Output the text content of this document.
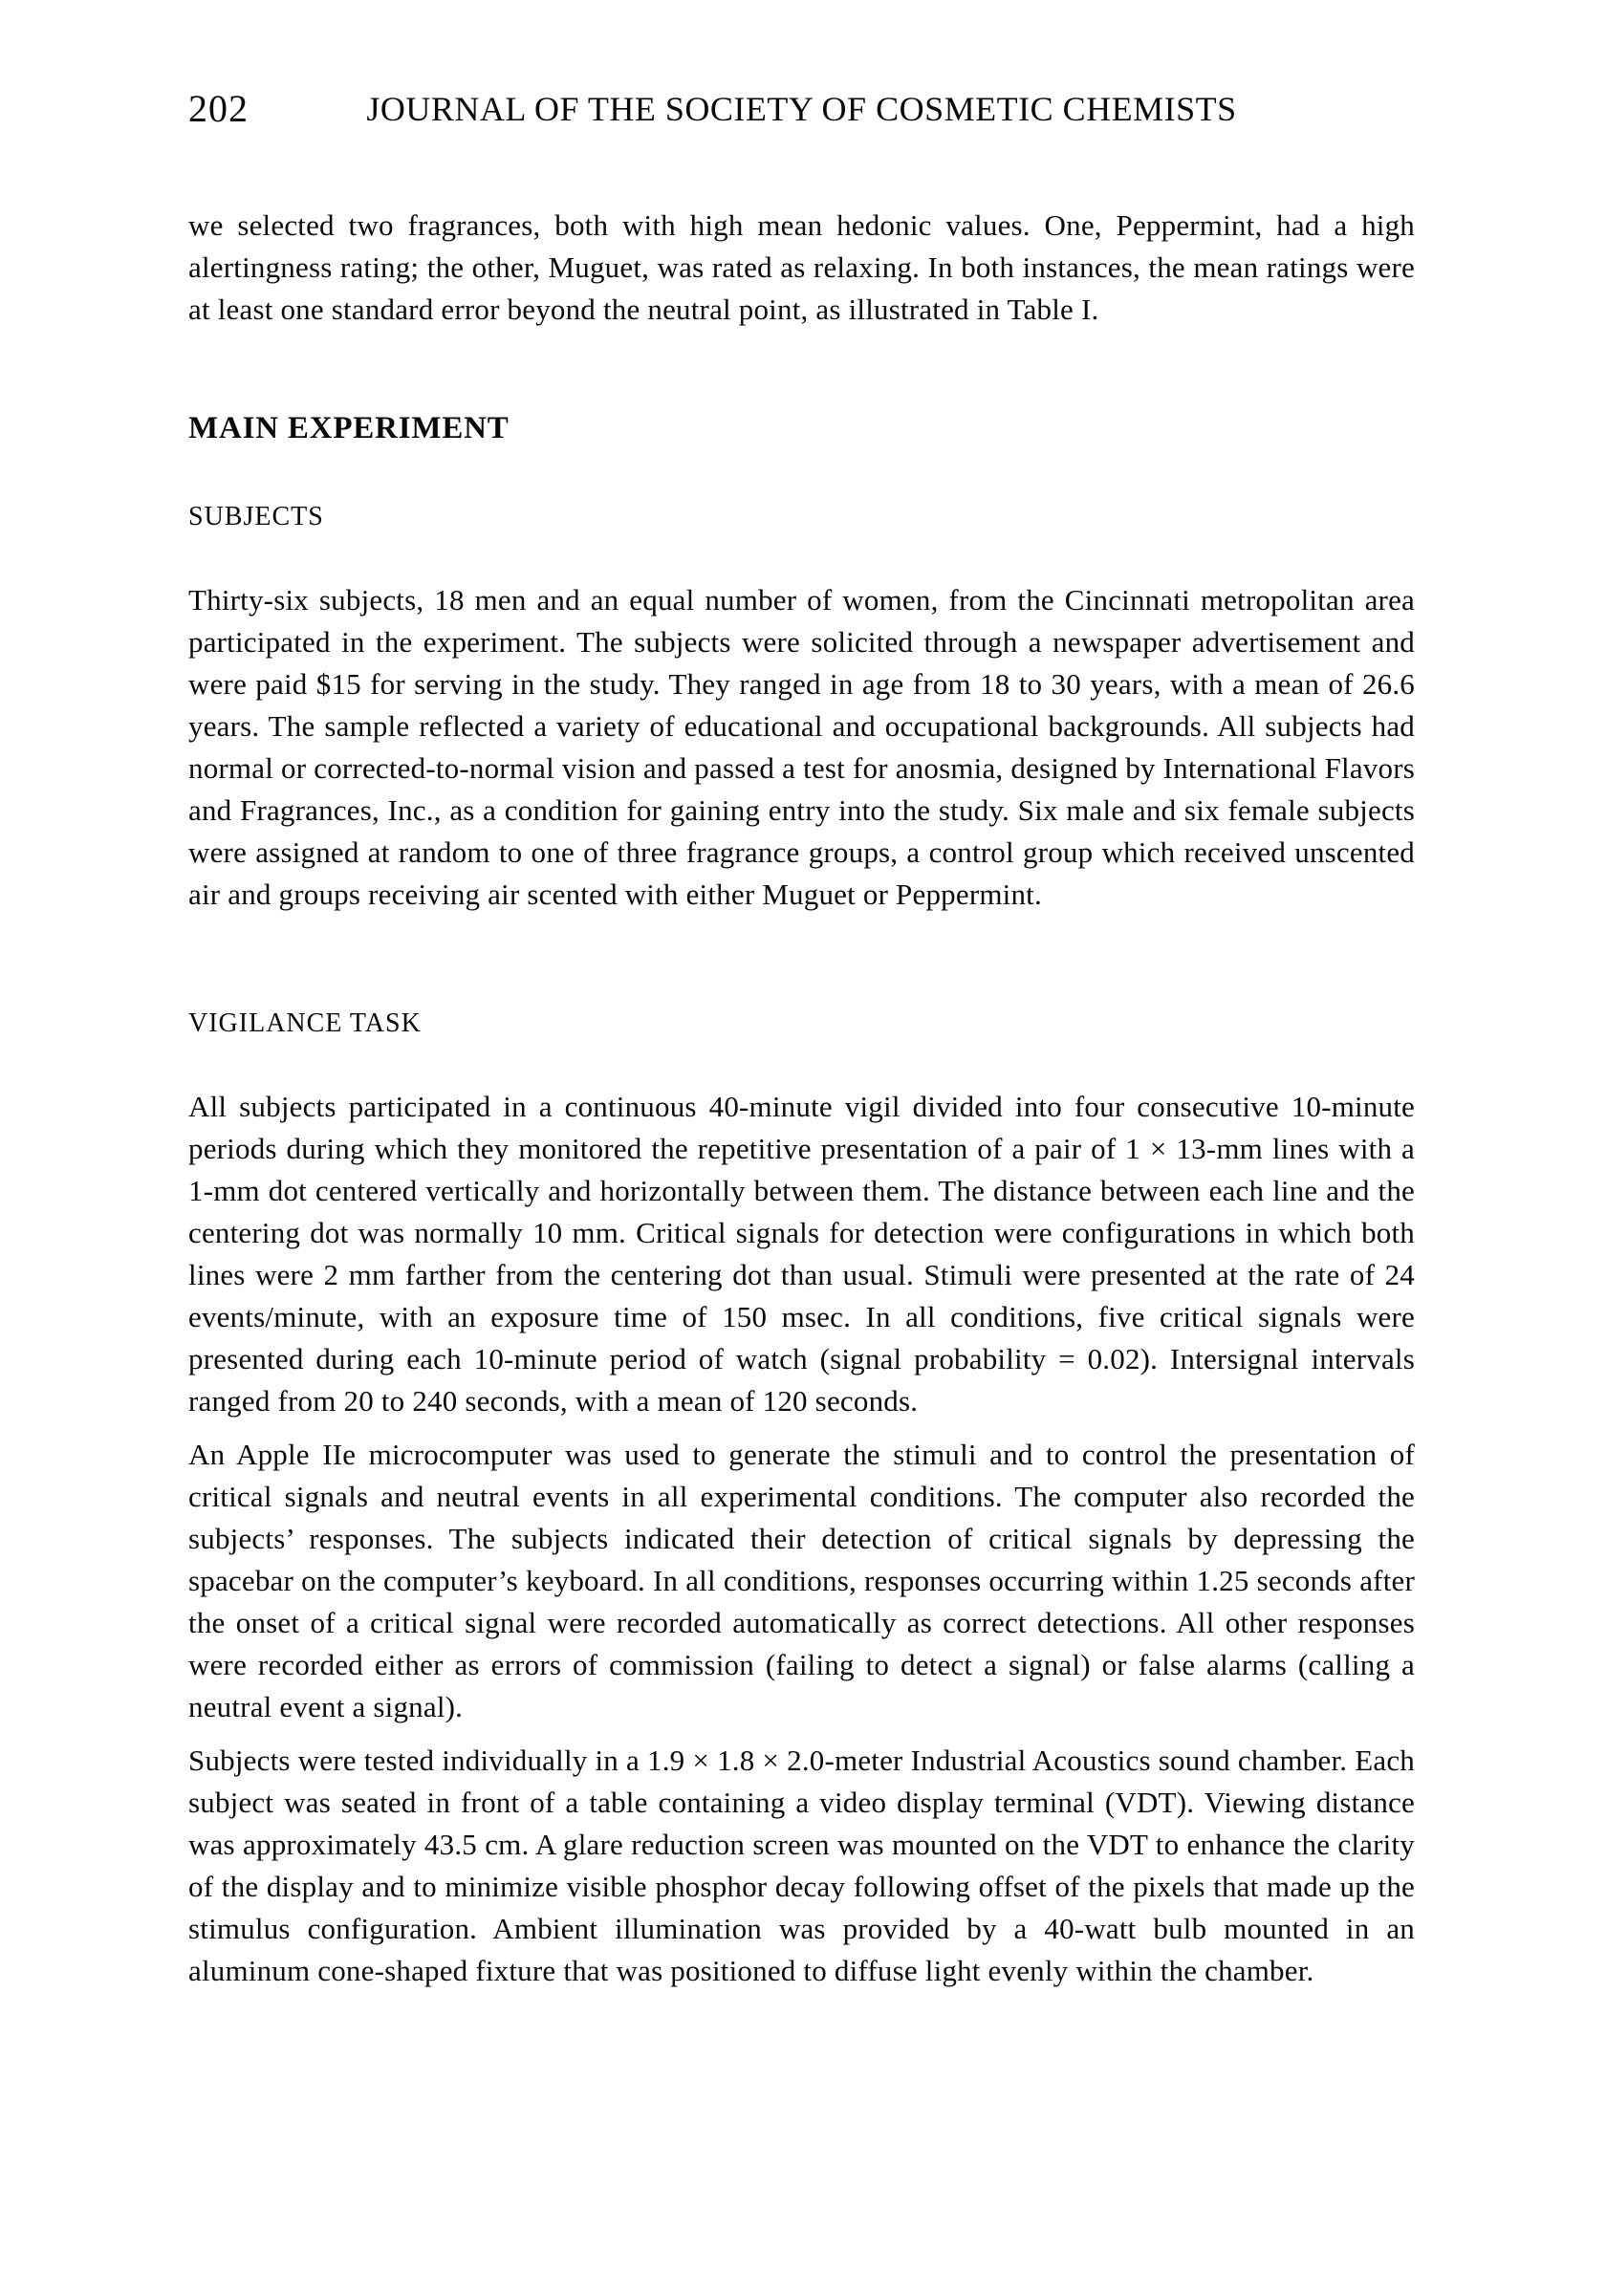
202	JOURNAL OF THE SOCIETY OF COSMETIC CHEMISTS

we selected two fragrances, both with high mean hedonic values. One, Peppermint, had a high alertingness rating; the other, Muguet, was rated as relaxing. In both instances, the mean ratings were at least one standard error beyond the neutral point, as illustrated in Table I.

MAIN EXPERIMENT
SUBJECTS

Thirty-six subjects, 18 men and an equal number of women, from the Cincinnati metropolitan area participated in the experiment. The subjects were solicited through a newspaper advertisement and were paid $15 for serving in the study. They ranged in age from 18 to 30 years, with a mean of 26.6 years. The sample reflected a variety of educational and occupational backgrounds. All subjects had normal or corrected-to-normal vision and passed a test for anosmia, designed by International Flavors and Fragrances, Inc., as a condition for gaining entry into the study. Six male and six female subjects were assigned at random to one of three fragrance groups, a control group which received unscented air and groups receiving air scented with either Muguet or Peppermint.

VIGILANCE TASK

All subjects participated in a continuous 40-minute vigil divided into four consecutive 10-minute periods during which they monitored the repetitive presentation of a pair of 1 × 13-mm lines with a 1-mm dot centered vertically and horizontally between them. The distance between each line and the centering dot was normally 10 mm. Critical signals for detection were configurations in which both lines were 2 mm farther from the centering dot than usual. Stimuli were presented at the rate of 24 events/minute, with an exposure time of 150 msec. In all conditions, five critical signals were presented during each 10-minute period of watch (signal probability = 0.02). Intersignal intervals ranged from 20 to 240 seconds, with a mean of 120 seconds.

An Apple IIe microcomputer was used to generate the stimuli and to control the presentation of critical signals and neutral events in all experimental conditions. The computer also recorded the subjects’ responses. The subjects indicated their detection of critical signals by depressing the spacebar on the computer’s keyboard. In all conditions, responses occurring within 1.25 seconds after the onset of a critical signal were recorded automatically as correct detections. All other responses were recorded either as errors of commission (failing to detect a signal) or false alarms (calling a neutral event a signal).

Subjects were tested individually in a 1.9 × 1.8 × 2.0-meter Industrial Acoustics sound chamber. Each subject was seated in front of a table containing a video display terminal (VDT). Viewing distance was approximately 43.5 cm. A glare reduction screen was mounted on the VDT to enhance the clarity of the display and to minimize visible phosphor decay following offset of the pixels that made up the stimulus configuration. Ambient illumination was provided by a 40-watt bulb mounted in an aluminum cone-shaped fixture that was positioned to diffuse light evenly within the chamber.
